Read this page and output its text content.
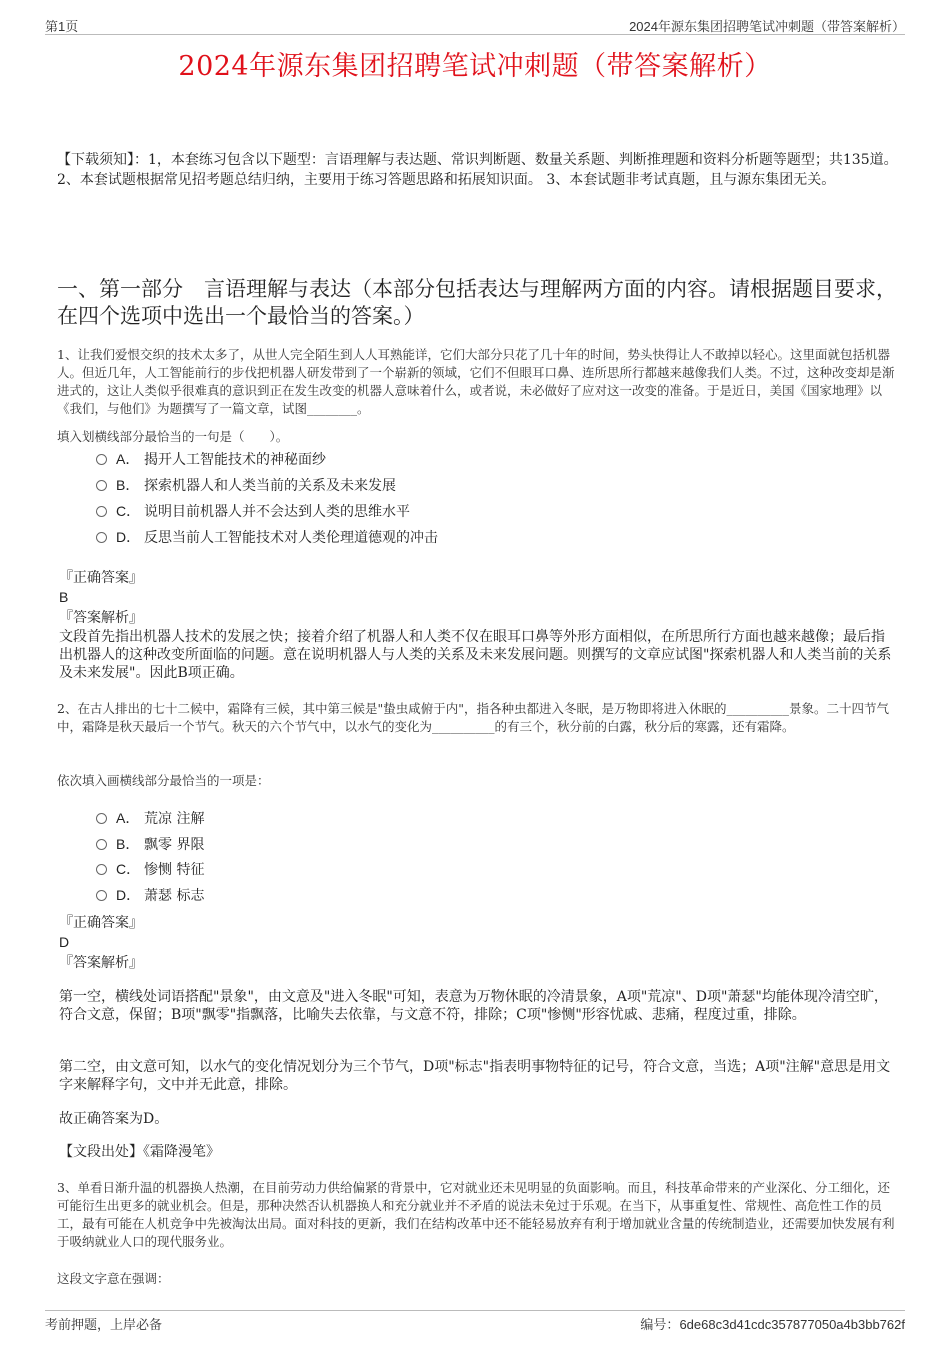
第1页	2024年源东集团招聘笔试冲刺题（带答案解析）
2024年源东集团招聘笔试冲刺题（带答案解析）
【下载须知】：1，本套练习包含以下题型：言语理解与表达题、常识判断题、数量关系题、判断推理题和资料分析题等题型；共135道。 2、本套试题根据常见招考题总结归纳，主要用于练习答题思路和拓展知识面。 3、本套试题非考试真题，且与源东集团无关。
一、第一部分　言语理解与表达（本部分包括表达与理解两方面的内容。请根据题目要求，在四个选项中选出一个最恰当的答案。）
1、让我们爱恨交织的技术太多了，从世人完全陌生到人人耳熟能详，它们大部分只花了几十年的时间，势头快得让人不敢掉以轻心。这里面就包括机器人。但近几年，人工智能前行的步伐把机器人研发带到了一个崭新的领域，它们不但眼耳口鼻、连所思所行都越来越像我们人类。不过，这种改变却是渐进式的，这让人类似乎很难真的意识到正在发生改变的机器人意味着什么，或者说，未必做好了应对这一改变的准备。于是近日，美国《国家地理》以《我们，与他们》为题撰写了一篇文章，试图________。
填入划横线部分最恰当的一句是（　　）。
A． 揭开人工智能技术的神秘面纱
B． 探索机器人和人类当前的关系及未来发展
C． 说明目前机器人并不会达到人类的思维水平
D． 反思当前人工智能技术对人类伦理道德观的冲击
『正确答案』
B
『答案解析』
文段首先指出机器人技术的发展之快；接着介绍了机器人和人类不仅在眼耳口鼻等外形方面相似，在所思所行方面也越来越像；最后指出机器人的这种改变所面临的问题。意在说明机器人与人类的关系及未来发展问题。则撰写的文章应试图"探索机器人和人类当前的关系及未来发展"。因此B项正确。
2、在古人排出的七十二候中，霜降有三候，其中第三候是"蛰虫咸俯于内"，指各种虫都进入冬眠，是万物即将进入休眠的__________景象。二十四节气中，霜降是秋天最后一个节气。秋天的六个节气中，以水气的变化为__________的有三个，秋分前的白露，秋分后的寒露，还有霜降。
依次填入画横线部分最恰当的一项是：
A． 荒凉 注解
B． 飘零 界限
C． 惨恻 特征
D． 萧瑟 标志
『正确答案』
D
『答案解析』
第一空，横线处词语搭配"景象"，由文意及"进入冬眠"可知，表意为万物休眠的冷清景象，A项"荒凉"、D项"萧瑟"均能体现冷清空旷，符合文意，保留；B项"飘零"指飘落，比喻失去依靠，与文意不符，排除；C项"惨恻"形容忧戚、悲痛，程度过重，排除。
第二空，由文意可知，以水气的变化情况划分为三个节气，D项"标志"指表明事物特征的记号，符合文意，当选；A项"注解"意思是用文字来解释字句，文中并无此意，排除。
故正确答案为D。
【文段出处】《霜降漫笔》
3、单看日渐升温的机器换人热潮，在目前劳动力供给偏紧的背景中，它对就业还未见明显的负面影响。而且，科技革命带来的产业深化、分工细化，还可能衍生出更多的就业机会。但是，那种决然否认机器换人和充分就业并不矛盾的说法未免过于乐观。在当下，从事重复性、常规性、高危性工作的员工，最有可能在人机竞争中先被淘汰出局。面对科技的更新，我们在结构改革中还不能轻易放弃有利于增加就业含量的传统制造业，还需要加快发展有利于吸纳就业人口的现代服务业。
这段文字意在强调：
考前押题，上岸必备	编号：6de68c3d41cdc357877050a4b3bb762f
